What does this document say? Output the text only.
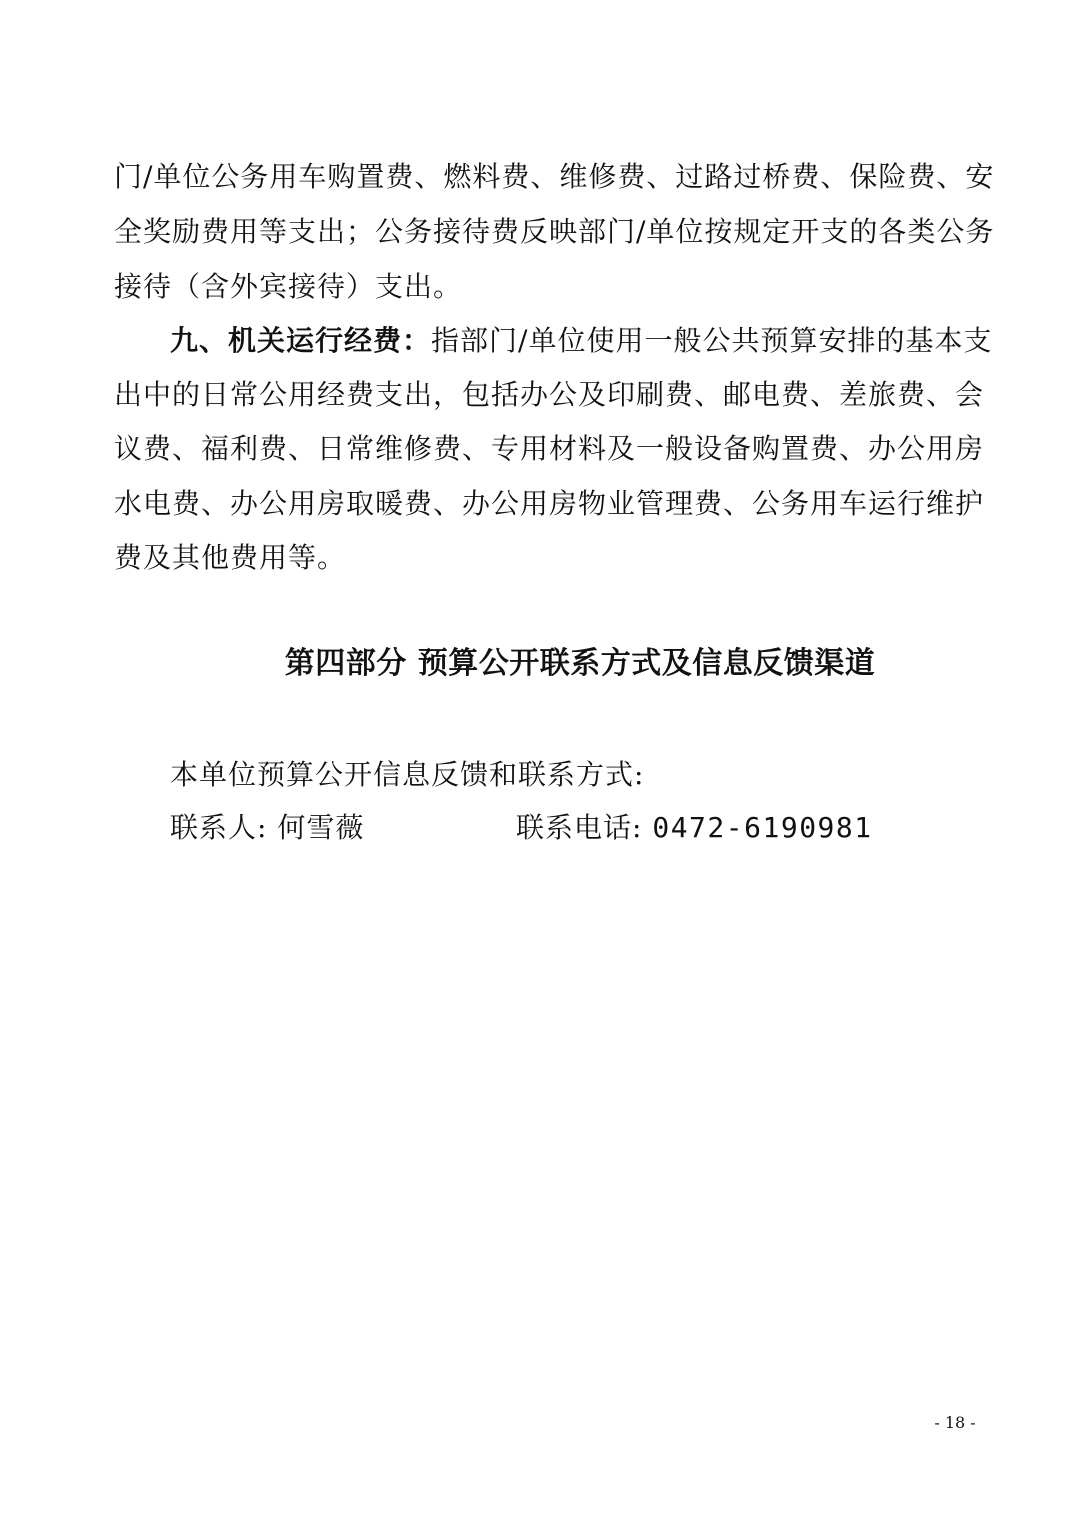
门/单位公务用车购置费、燃料费、维修费、过路过桥费、保险费、安
全奖励费用等支出；公务接待费反映部门/单位按规定开支的各类公务
接待（含外宾接待）支出。
九、机关运行经费：指部门/单位使用一般公共预算安排的基本支
出中的日常公用经费支出，包括办公及印刷费、邮电费、差旅费、会
议费、福利费、日常维修费、专用材料及一般设备购置费、办公用房
水电费、办公用房取暖费、办公用房物业管理费、公务用车运行维护
费及其他费用等。
第四部分 预算公开联系方式及信息反馈渠道
本单位预算公开信息反馈和联系方式:
联系人: 何雪薇	联系电话: 0472-6190981
- 18 -
